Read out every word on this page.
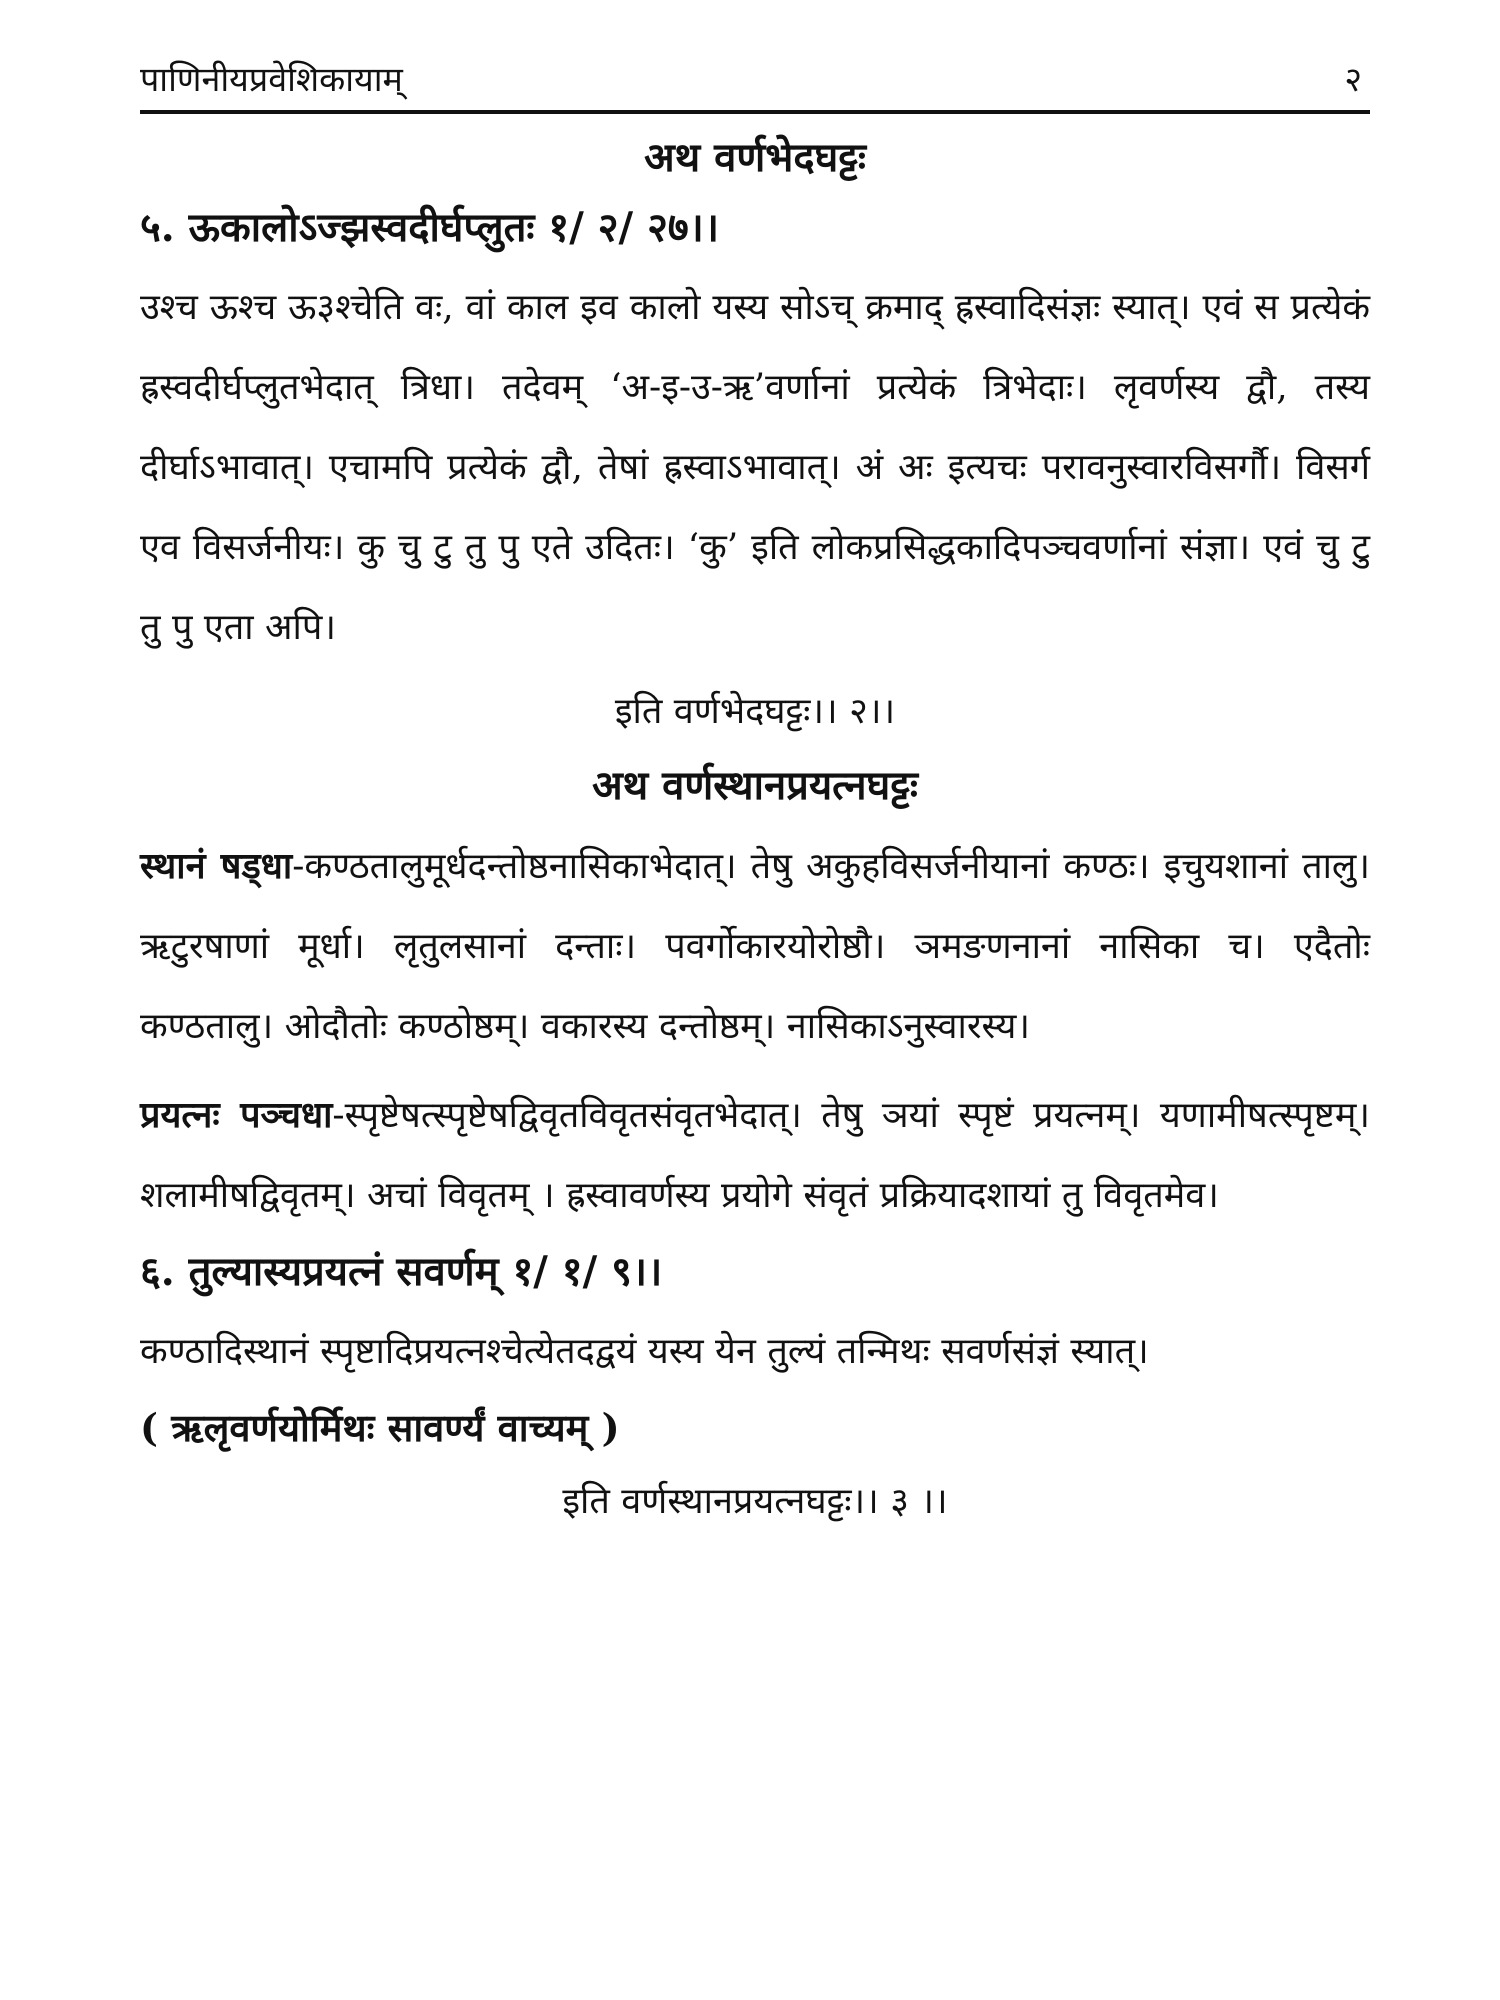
पाणिनीयप्रवेशिकायाम्	२
अथ वर्णभेदघट्टः
५. ऊकालोऽज्झस्वदीर्घप्लुतः १/ २/ २७।।

उश्च ऊश्च ऊ३श्चेति वः, वां काल इव कालो यस्य सोऽच् क्रमाद् ह्रस्वादिसंज्ञः स्यात्। एवं स प्रत्येकं ह्रस्वदीर्घप्लुतभेदात् त्रिधा। तदेवम् ‘अ-इ-उ-ऋ’वर्णानां प्रत्येकं त्रिभेदाः। लृवर्णस्य द्वौ, तस्य दीर्घाऽभावात्। एचामपि प्रत्येकं द्वौ, तेषां ह्रस्वाऽभावात्। अं अः इत्यचः परावनुस्वारविसर्गौ। विसर्ग एव विसर्जनीयः। कु चु टु तु पु एते उदितः। ‘कु’ इति लोकप्रसिद्धकादिपञ्चवर्णानां संज्ञा। एवं चु टु तु पु एता अपि।

इति वर्णभेदघट्टः।। २।।
अथ वर्णस्थानप्रयत्नघट्टः

स्थानं षड्धा-कण्ठतालुमूर्धदन्तोष्ठनासिकाभेदात्। तेषु अकुहविसर्जनीयानां कण्ठः। इचुयशानां तालु। ऋटुरषाणां मूर्धा। लृतुलसानां दन्ताः। पवर्गोकारयोरोष्ठौ। ञमङणनानां नासिका च। एदैतोः कण्ठतालु। ओदौतोः कण्ठोष्ठम्। वकारस्य दन्तोष्ठम्। नासिकाऽनुस्वारस्य।

प्रयत्नः पञ्चधा-स्पृष्टेषत्स्पृष्टेषद्विवृतविवृतसंवृतभेदात्। तेषु ञयां स्पृष्टं प्रयत्नम्। यणामीषत्स्पृष्टम्। शलामीषद्विवृतम्। अचां विवृतम् । ह्रस्वावर्णस्य प्रयोगे संवृतं प्रक्रियादशायां तु विवृतमेव।

६. तुल्यास्यप्रयत्नं सवर्णम् १/ १/ ९।।

कण्ठादिस्थानं स्पृष्टादिप्रयत्नश्चेत्येतदद्वयं यस्य येन तुल्यं तन्मिथः सवर्णसंज्ञं स्यात्।

( ऋलृवर्णयोर्मिथः सावर्ण्यं वाच्यम् )
इति वर्णस्थानप्रयत्नघट्टः।। ३ ।।
